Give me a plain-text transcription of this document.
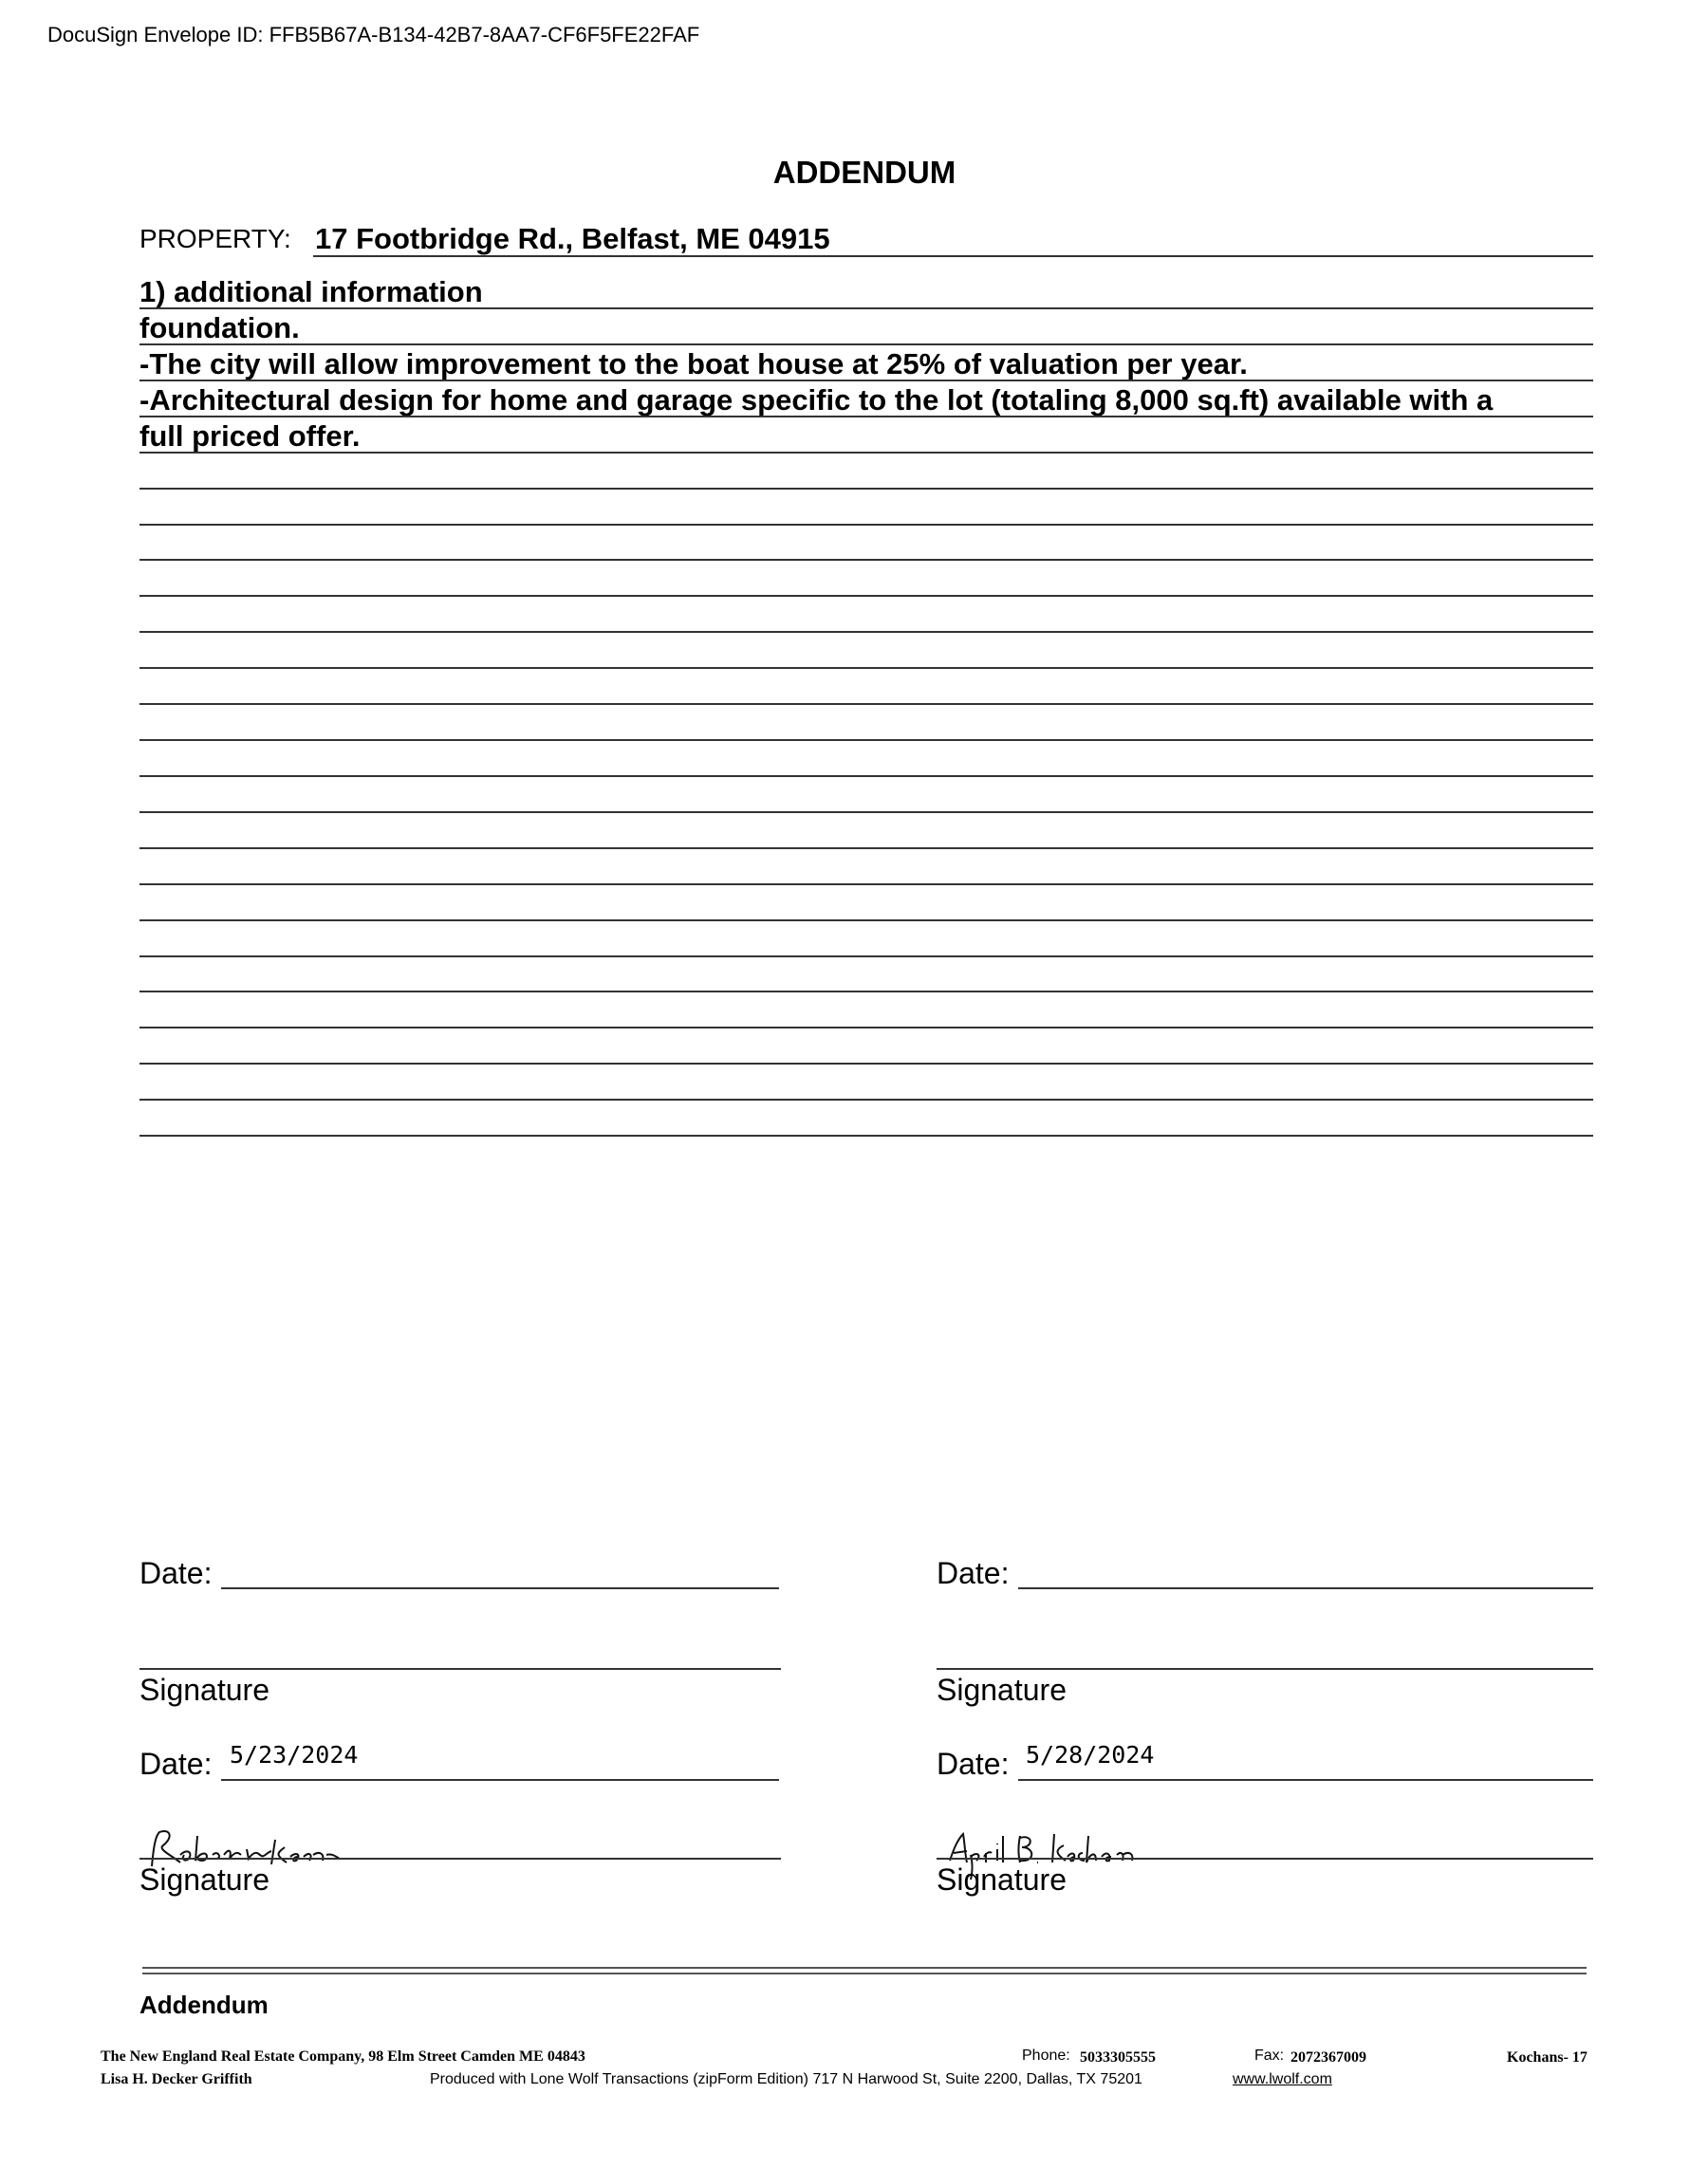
DocuSign Envelope ID: FFB5B67A-B134-42B7-8AA7-CF6F5FE22FAF
ADDENDUM
PROPERTY: 17 Footbridge Rd., Belfast, ME 04915
1) additional information
foundation.
-The city will allow improvement to the boat house at 25% of valuation per year.
-Architectural design for home and garage specific to the lot (totaling 8,000 sq.ft) available with a
full priced offer.
Date:	Date:
Signature	Signature
Date: 5/23/2024	Date: 5/28/2024
Signature	Signature
Addendum
The New England Real Estate Company, 98 Elm Street Camden ME 04843
Lisa H. Decker Griffith
Phone: 5033305555	Fax: 2072367009	Kochans- 17
Produced with Lone Wolf Transactions (zipForm Edition) 717 N Harwood St, Suite 2200, Dallas, TX 75201	www.lwolf.com
